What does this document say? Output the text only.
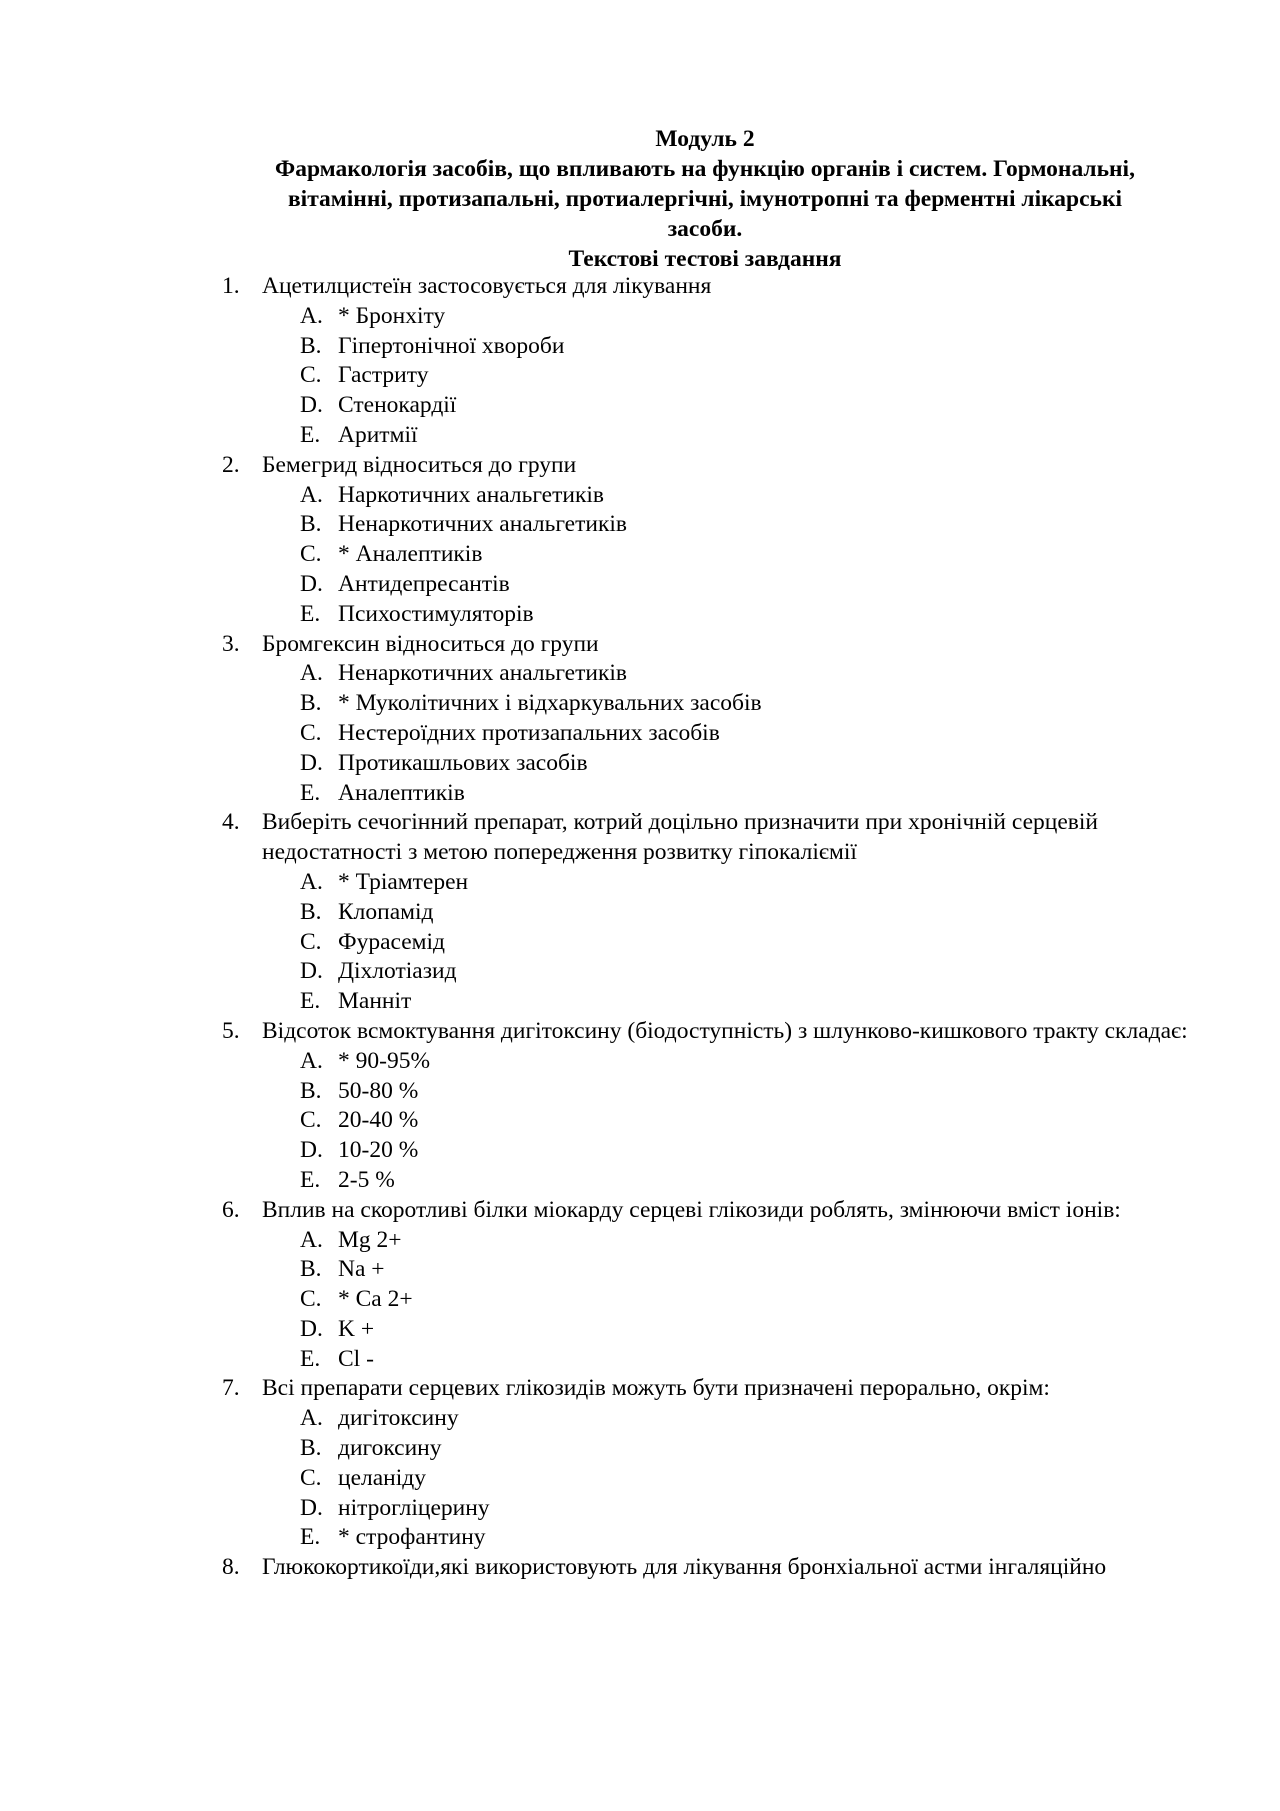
Модуль 2
Фармакологія засобів, що впливають на функцію органів і систем. Гормональні,
вітамінні, протизапальні, протиалергічні, імунотропні та ферментні лікарські
засоби.
Текстові тестові завдання
1. Ацетилцистеїн застосовується для лікування
A. * Бронхіту
B. Гіпертонічної хвороби
C. Гастриту
D. Стенокардії
E. Аритмії
2. Бемегрид відноситься до групи
A. Наркотичних анальгетиків
B. Ненаркотичних анальгетиків
C. * Аналептиків
D. Антидепресантів
E. Психостимуляторів
3. Бромгексин відноситься до групи
A. Ненаркотичних анальгетиків
B. * Муколітичних і відхаркувальних засобів
C. Нестероїдних протизапальних засобів
D. Протикашльових засобів
E. Аналептиків
4. Виберіть сечогінний препарат, котрий доцільно призначити при хронічній серцевій недостатності з метою попередження розвитку гіпокаліємії
A. * Тріамтерен
B. Клопамід
C. Фурасемід
D. Діхлотіазид
E. Манніт
5. Відсоток всмоктування дигітоксину (біодоступність) з шлунково-кишкового тракту складає:
A. * 90-95%
B. 50-80 %
C. 20-40 %
D. 10-20 %
E. 2-5 %
6. Вплив на скоротливі білки міокарду серцеві глікозиди роблять, змінюючи вміст іонів:
A. Mg 2+
B. Na +
C. * Ca 2+
D. K +
E. Cl -
7. Всі препарати серцевих глікозидів можуть бути призначені перорально, окрім:
A. дигітоксину
B. дигоксину
C. целаніду
D. нітрогліцерину
E. * строфантину
8. Глюкокортикоїди,які використовують для лікування бронхіальної астми інгаляційно
